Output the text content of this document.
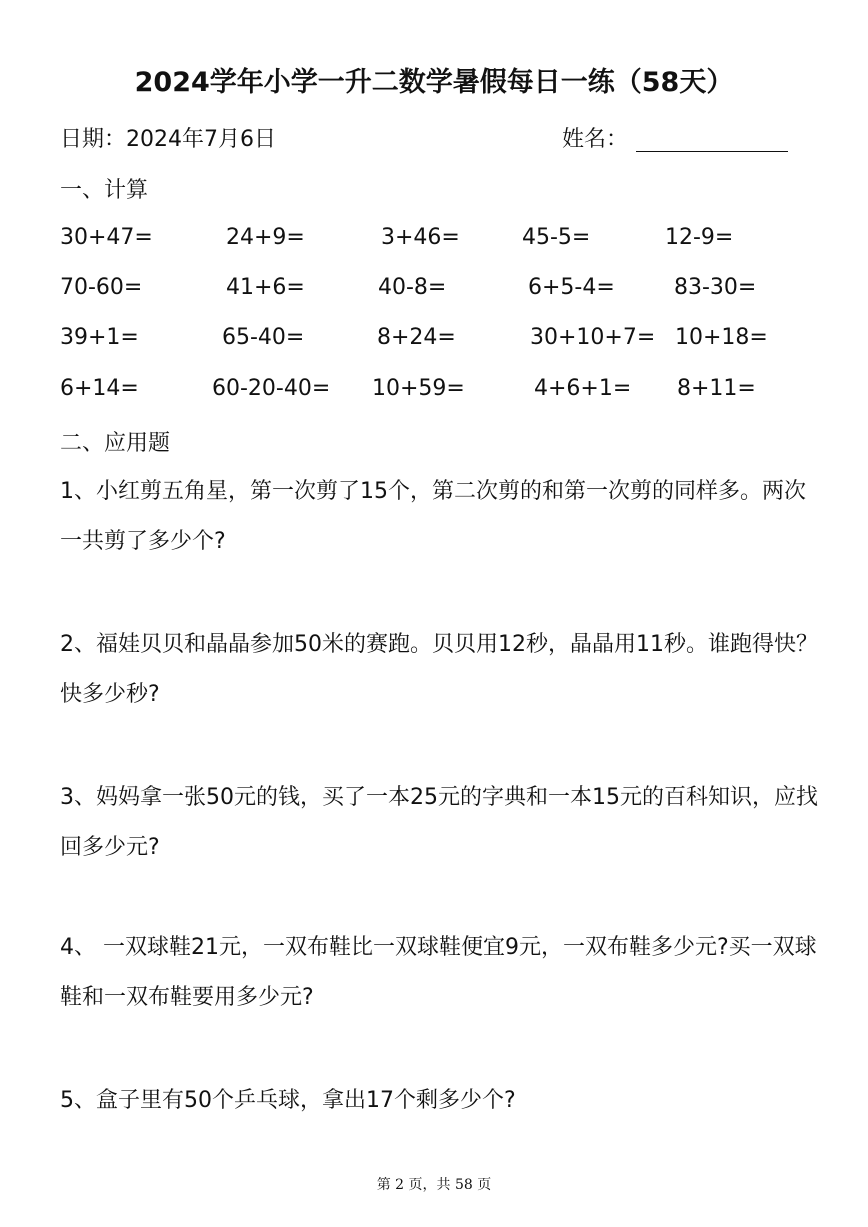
2024学年小学一升二数学暑假每日一练（58天）
日期：2024年7月6日	姓名：
一、计算
30+47=	24+9=	3+46=	45-5=	12-9=
70-60=	41+6=	40-8=	6+5-4=	83-30=
39+1=	65-40=	8+24=	30+10+7= 10+18=
6+14=	60-20-40= 10+59=	4+6+1= 8+11=
二、应用题
1、小红剪五角星，第一次剪了15个，第二次剪的和第一次剪的同样多。两次一共剪了多少个?
2、福娃贝贝和晶晶参加50米的赛跑。贝贝用12秒，晶晶用11秒。谁跑得快？快多少秒?
3、妈妈拿一张50元的钱，买了一本25元的字典和一本15元的百科知识，应找回多少元?
4、 一双球鞋21元，一双布鞋比一双球鞋便宜9元，一双布鞋多少元?买一双球鞋和一双布鞋要用多少元?
5、盒子里有50个乒乓球，拿出17个剩多少个?
第 2 页，共 58 页
